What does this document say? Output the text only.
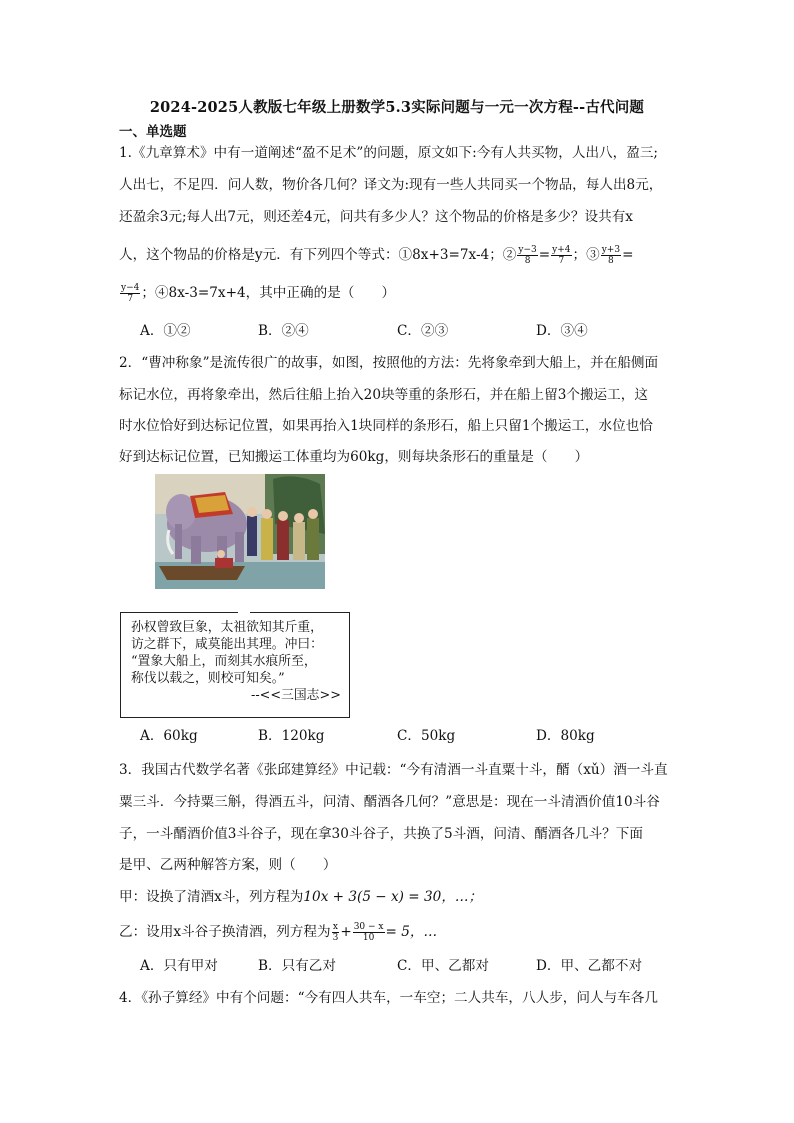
2024-2025人教版七年级上册数学5.3实际问题与一元一次方程--古代问题
一、单选题
1.《九章算术》中有一道阐述“盈不足术”的问题，原文如下:今有人共买物，人出八，盈三;
人出七，不足四．问人数，物价各几何？译文为:现有一些人共同买一个物品，每人出8元，
还盈余3元;每人出7元，则还差4元，问共有多少人？这个物品的价格是多少？设共有x
人，这个物品的价格是y元．有下列四个等式：①8x+3=7x-4；② $\frac{y-3}{8} = \frac{y+4}{7}$ ；③ $\frac{y+3}{8}$ =
$\frac{y-4}{7}$ ；④8x-3=7x+4，其中正确的是（　　）
A．①②	B．②④	C．②③	D．③④
2．“曹冲称象”是流传很广的故事，如图，按照他的方法：先将象牵到大船上，并在船侧面
标记水位，再将象牵出，然后往船上抬入20块等重的条形石，并在船上留3个搬运工，这
时水位恰好到达标记位置，如果再抬入1块同样的条形石，船上只留1个搬运工，水位也恰
好到达标记位置，已知搬运工体重均为60kg，则每块条形石的重量是（　　）
孙权曾致巨象，太祖欲知其斤重，
访之群下，咸莫能出其理。冲曰：
“置象大船上，而刻其水痕所至，
称伐以载之，则校可知矣。”
--<<三国志>>
A．60kg	B．120kg	C．50kg	D．80kg
3．我国古代数学名著《张邱建算经》中记载：“今有清酒一斗直粟十斗，醑（xǔ）酒一斗直
粟三斗．今持粟三斛，得酒五斗，问清、醑酒各几何？”意思是：现在一斗清酒价值10斗谷
子，一斗醑酒价值3斗谷子，现在拿30斗谷子，共换了5斗酒，问清、醑酒各几斗？下面
是甲、乙两种解答方案，则（　　）
甲：设换了清酒x斗，列方程为10x + 3(5 − x) = 30，…；
乙：设用x斗谷子换清酒，列方程为 $\frac{x}{3} + \frac{30 - x}{10} = 5$，…
A．只有甲对	B．只有乙对	C．甲、乙都对	D．甲、乙都不对
4．《孙子算经》中有个问题：“今有四人共车，一车空；二人共车，八人步，问人与车各几
